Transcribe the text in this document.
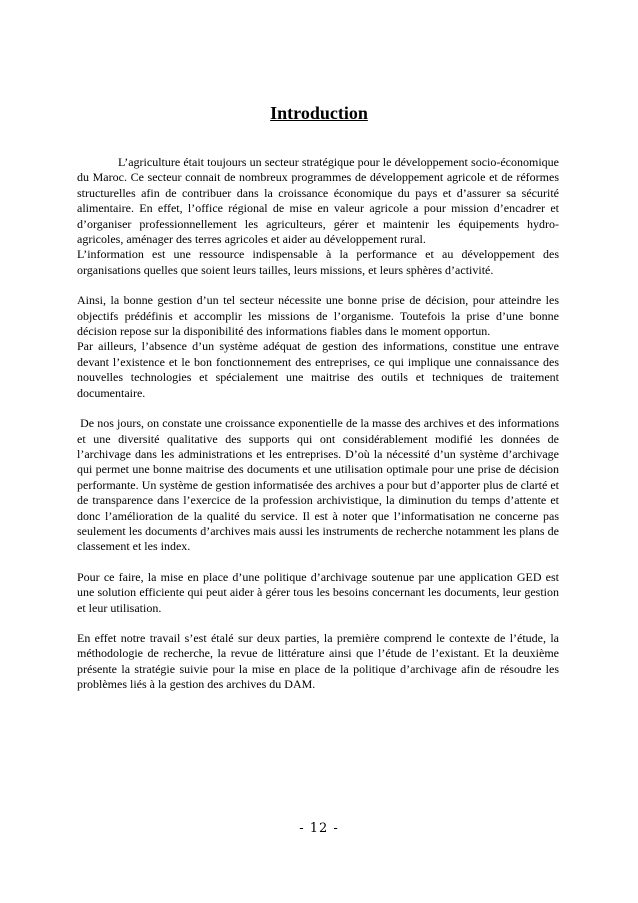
Introduction

L’agriculture était toujours un secteur stratégique pour le développement socio-économique du Maroc. Ce secteur connait de nombreux programmes de développement agricole et de réformes structurelles afin de contribuer dans la croissance économique du pays et d’assurer sa sécurité alimentaire. En effet, l’office régional de mise en valeur agricole a pour mission d’encadrer et d’organiser professionnellement les agriculteurs, gérer et maintenir les équipements hydro-agricoles, aménager des terres agricoles et aider au développement rural.

L’information est une ressource indispensable à la performance et au développement des organisations quelles que soient leurs tailles, leurs missions, et leurs sphères d’activité.

Ainsi, la bonne gestion d’un tel secteur nécessite une bonne prise de décision, pour atteindre les objectifs prédéfinis et accomplir les missions de l’organisme. Toutefois la prise d’une bonne décision repose sur la disponibilité des informations fiables dans le moment opportun.

Par ailleurs, l’absence d’un système adéquat de gestion des informations, constitue une entrave devant l’existence et le bon fonctionnement des entreprises, ce qui implique une connaissance des nouvelles technologies et spécialement une maitrise des outils et techniques de traitement documentaire.

De nos jours, on constate une croissance exponentielle de la masse des archives et des informations et une diversité qualitative des supports qui ont considérablement modifié les données de l’archivage dans les administrations et les entreprises. D’où la nécessité d’un système d’archivage qui permet une bonne maitrise des documents et une utilisation optimale pour une prise de décision performante. Un système de gestion informatisée des archives a pour but d’apporter plus de clarté et de transparence dans l’exercice de la profession archivistique, la diminution du temps d’attente et donc l’amélioration de la qualité du service. Il est à noter que l’informatisation ne concerne pas seulement les documents d’archives mais aussi les instruments de recherche notamment les plans de classement et les index.

Pour ce faire, la mise en place d’une politique d’archivage soutenue par une application GED est une solution efficiente qui peut aider à gérer tous les besoins concernant les documents, leur gestion et leur utilisation.

En effet notre travail s’est étalé sur deux parties, la première comprend le contexte de l’étude, la méthodologie de recherche, la revue de littérature ainsi que l’étude de l’existant. Et la deuxième présente la stratégie suivie pour la mise en place de la politique d’archivage afin de résoudre les problèmes liés à la gestion des archives du DAM.

- 12 -
